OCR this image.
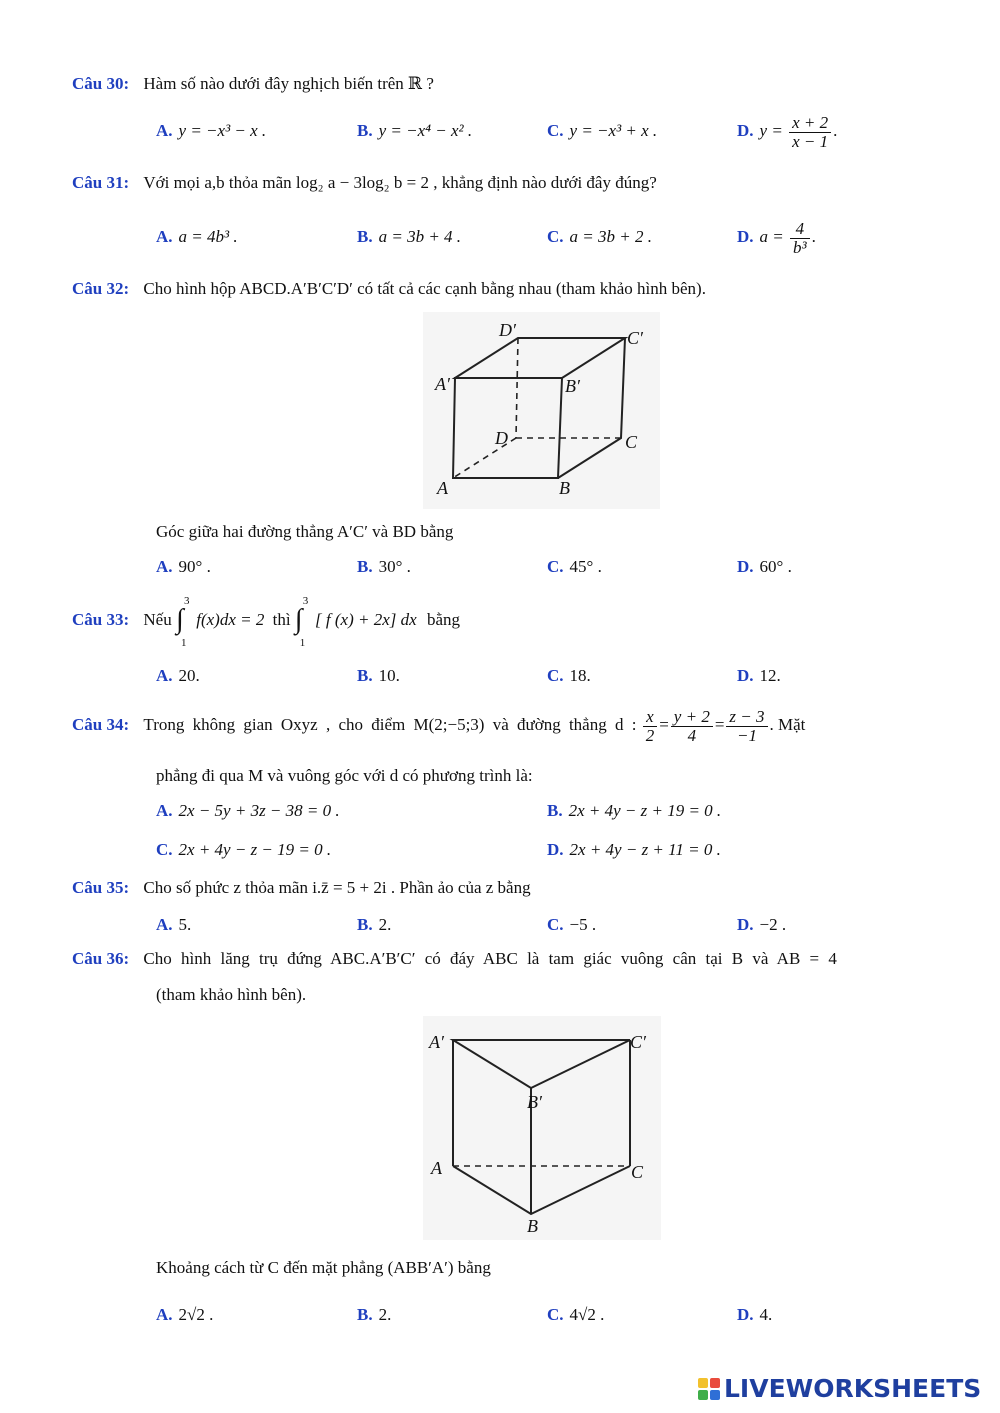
Câu 30: Hàm số nào dưới đây nghịch biến trên ℝ ?
A. y = −x³ − x .	B. y = −x⁴ − x² .	C. y = −x³ + x .	D. $y = \frac{x + 2}{x - 1}$ .
Câu 31: Với mọi a,b thỏa mãn log₂ a − 3log₂ b = 2 , khẳng định nào dưới đây đúng?
A. a = 4b³ .	B. a = 3b + 4 .	C. a = 3b + 2 .	D. $a = \frac{4}{\text{b³}}$ .
Câu 32: Cho hình hộp ABCD.A′B′C′D′ có tất cả các cạnh bằng nhau (tham khảo hình bên).
D′	C′
A′	B′
D	C
A	B
Góc giữa hai đường thẳng A′C′ và BD bằng
A. 90° .	B. 30° .	C. 45° .	D. 60° .
Câu 33: Nếu ∫
3
1
f(x)dx = 2 thì ∫
3
1
[ f (x) + 2x] dx bằng
A. 20.	B. 10.	C. 18.	D. 12.
Câu 34: Trong không gian Oxyz , cho điểm M(2;−5;3) và đường thẳng d : $\frac{x}{2} = \frac{y + 2}{4} = \frac{z - 3}{-1}$ . Mặt
phẳng đi qua M và vuông góc với d có phương trình là:
A. 2x − 5y + 3z − 38 = 0 .	B. 2x + 4y − z + 19 = 0 .
C. 2x + 4y − z − 19 = 0 .	D. 2x + 4y − z + 11 = 0 .
Câu 35: Cho số phức z thỏa mãn i.z̄ = 5 + 2i . Phần ảo của z bằng
A. 5.	B. 2.	C. −5 .	D. −2 .
Câu 36: Cho hình lăng trụ đứng ABC.A′B′C′ có đáy ABC là tam giác vuông cân tại B và AB = 4
(tham khảo hình bên).
A′	C′
B′
A	C
B
Khoảng cách từ C đến mặt phẳng (ABB′A′) bằng
A. 2√2 .	B. 2.	C. 4√2 .	D. 4.
LIVEWORKSHEETS
